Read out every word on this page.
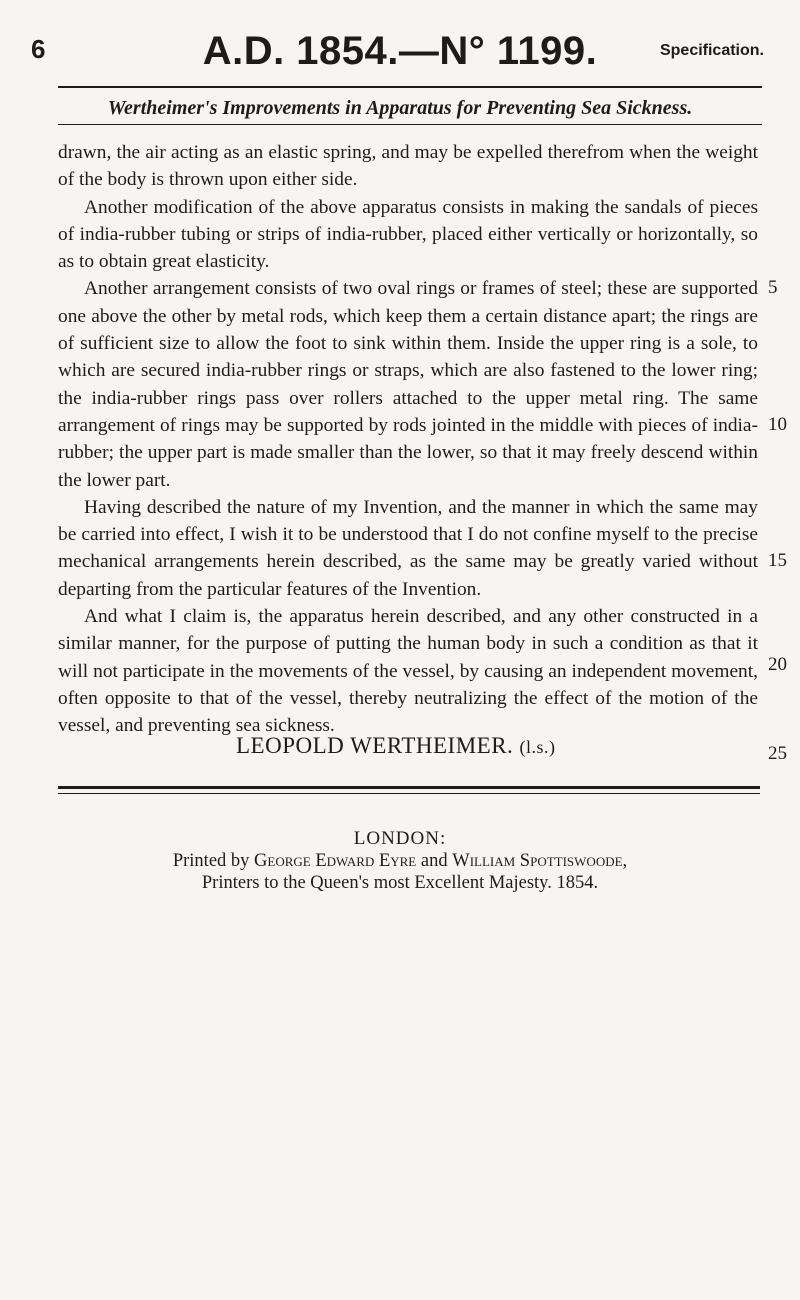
6	A.D. 1854.—N° 1199.	Specification.
Wertheimer's Improvements in Apparatus for Preventing Sea Sickness.

drawn, the air acting as an elastic spring, and may be expelled therefrom when the weight of the body is thrown upon either side.

Another modification of the above apparatus consists in making the sandals of pieces of india-rubber tubing or strips of india-rubber, placed either vertically or horizontally, so as to obtain great elasticity.

Another arrangement consists of two oval rings or frames of steel; these are supported one above the other by metal rods, which keep them a certain distance apart; the rings are of sufficient size to allow the foot to sink within them. Inside the upper ring is a sole, to which are secured india-rubber rings or straps, which are also fastened to the lower ring; the india-rubber rings pass over rollers attached to the upper metal ring. The same arrangement of rings may be supported by rods jointed in the middle with pieces of india-rubber; the upper part is made smaller than the lower, so that it may freely descend within the lower part.

Having described the nature of my Invention, and the manner in which the same may be carried into effect, I wish it to be understood that I do not confine myself to the precise mechanical arrangements herein described, as the same may be greatly varied without departing from the particular features of the Invention.

And what I claim is, the apparatus herein described, and any other constructed in a similar manner, for the purpose of putting the human body in such a condition as that it will not participate in the movements of the vessel, by causing an independent movement, often opposite to that of the vessel, thereby neutralizing the effect of the motion of the vessel, and preventing sea sickness.

5
10
15
20
25
LEOPOLD WERTHEIMER. (l.s.)
LONDON:
Printed by George Edward Eyre and William Spottiswoode,
Printers to the Queen's most Excellent Majesty. 1854.
